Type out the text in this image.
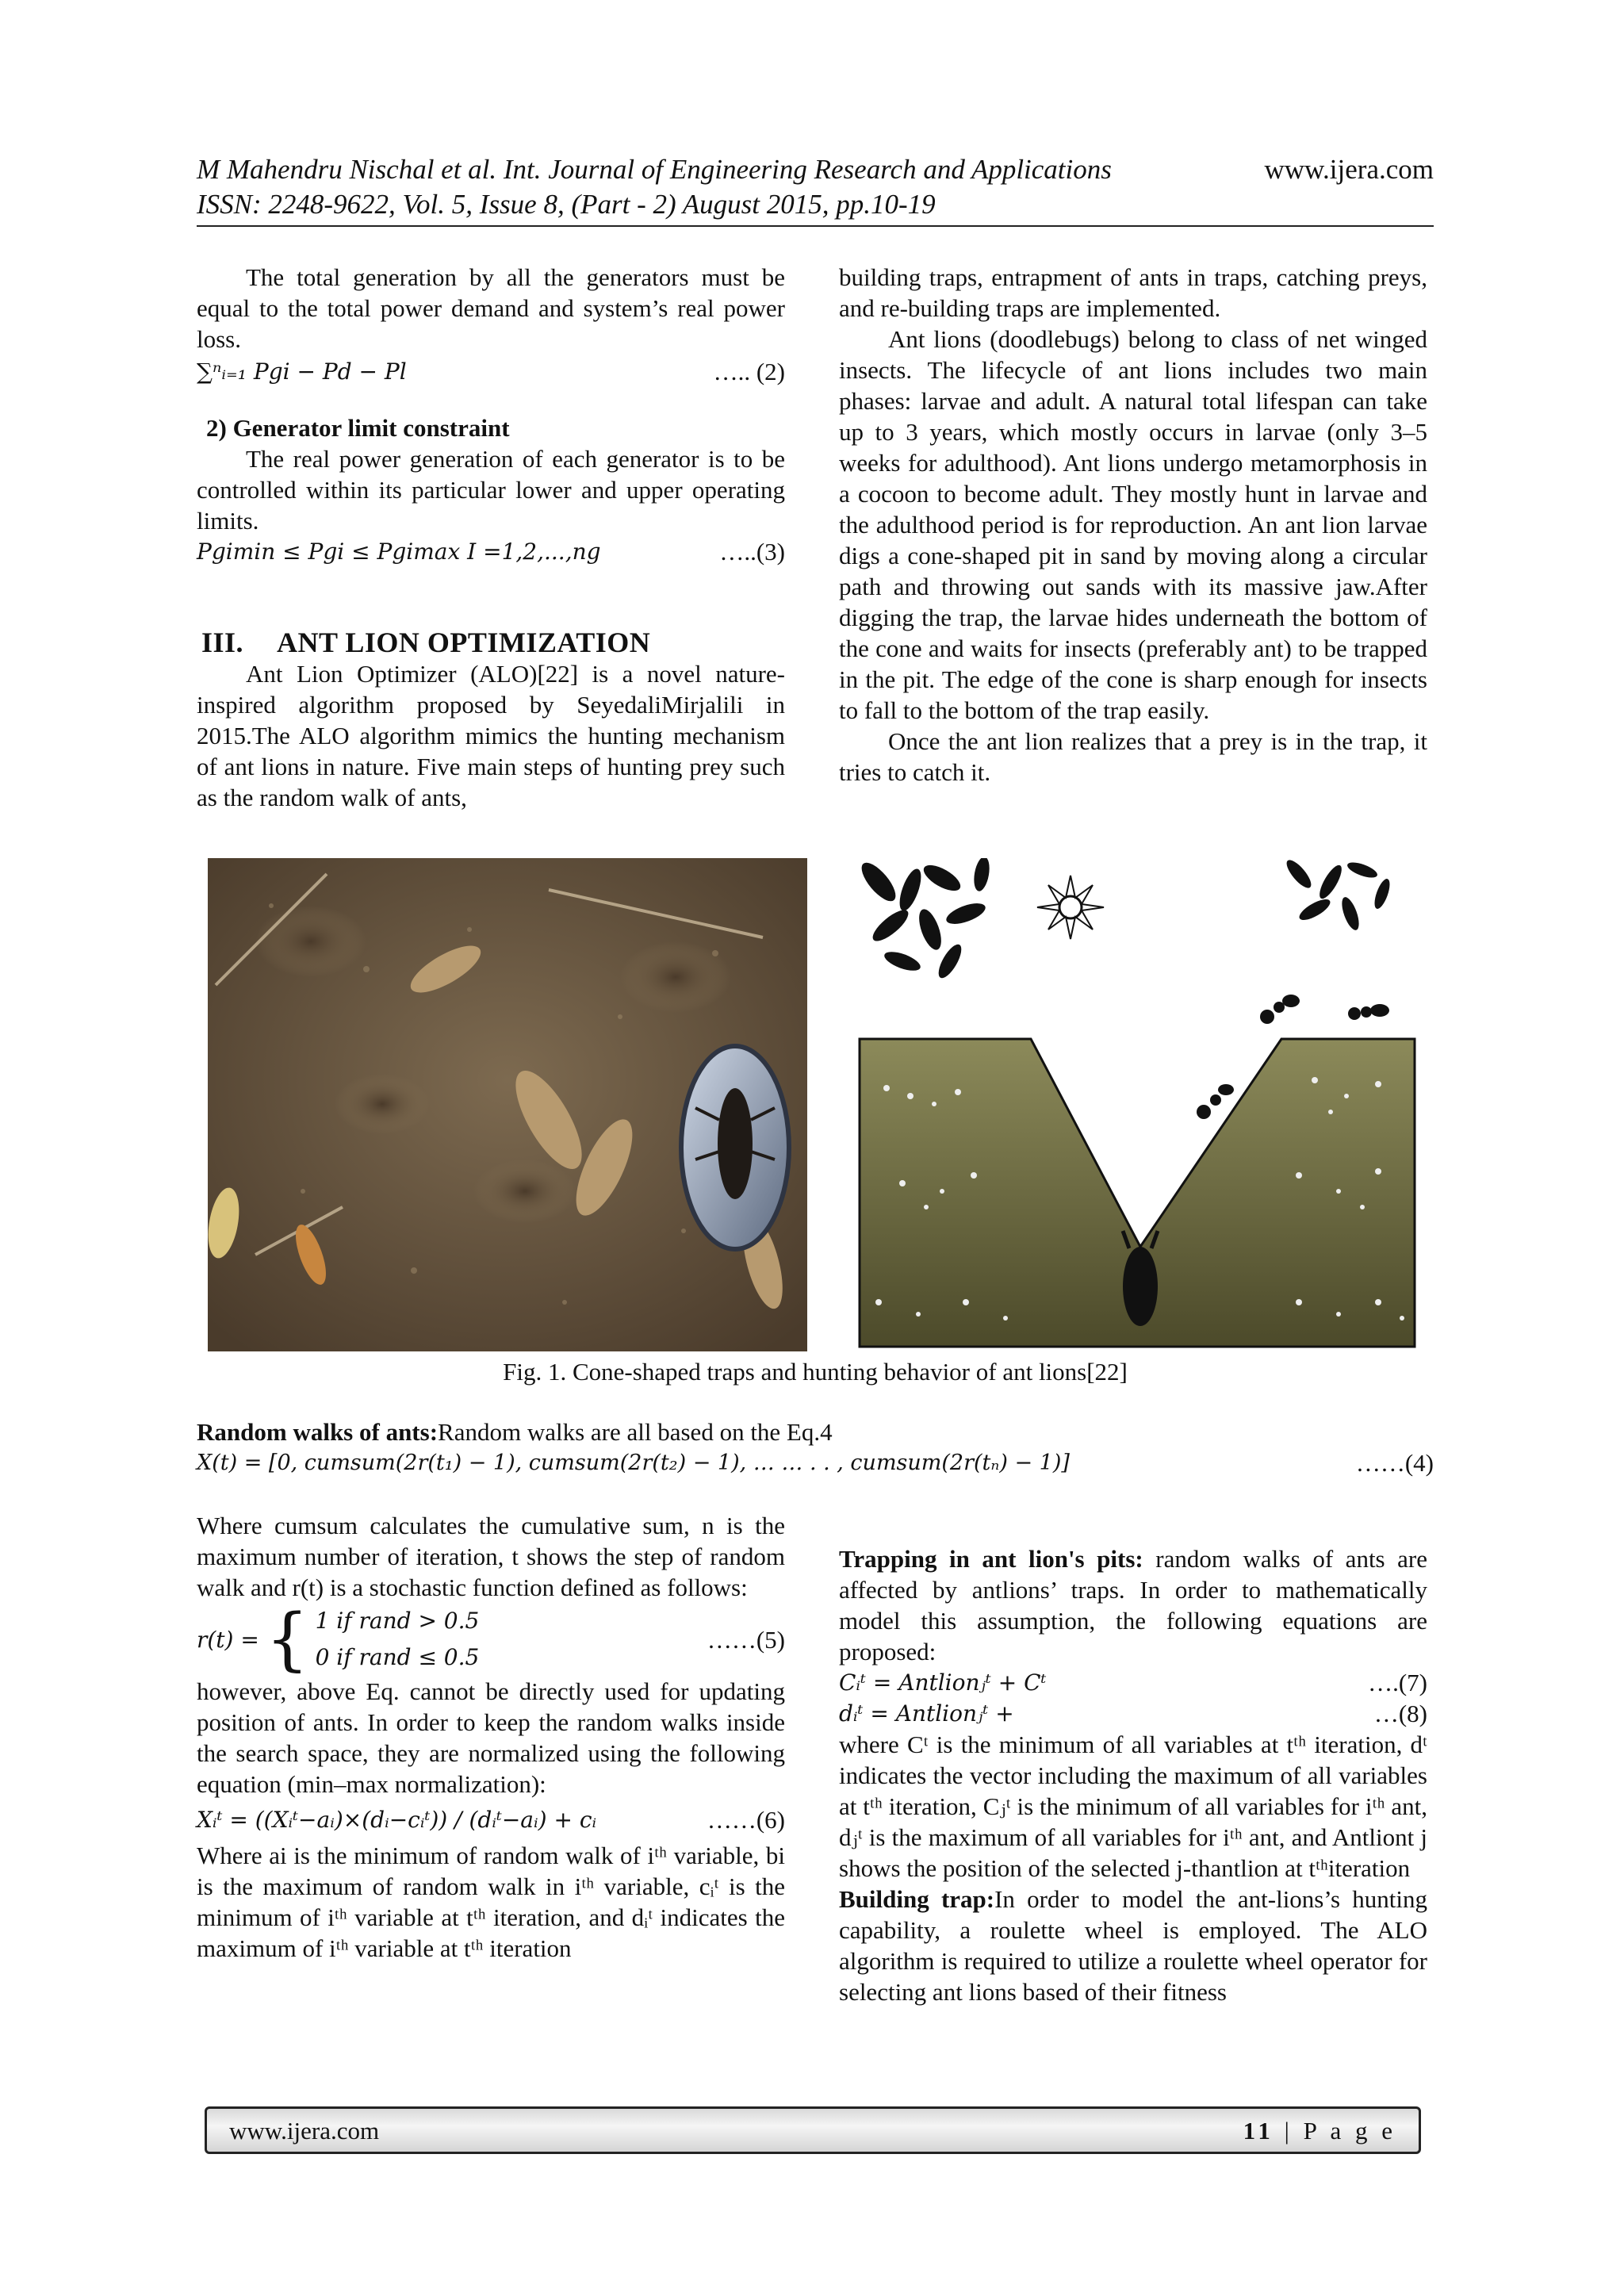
M Mahendru Nischal et al. Int. Journal of Engineering Research and Applications	www.ijera.com
ISSN: 2248-9622, Vol. 5, Issue 8, (Part - 2) August 2015, pp.10-19

The total generation by all the generators must be equal to the total power demand and system’s real power loss.

∑ⁿᵢ₌₁ Pgi − Pd − Pl	….. (2)

2) Generator limit constraint

The real power generation of each generator is to be controlled within its particular lower and upper operating limits.

Pgimin ≤ Pgi ≤ Pgimax I =1,2,...,ng	…..(3)
III. ANT LION OPTIMIZATION

Ant Lion Optimizer (ALO)[22] is a novel nature-inspired algorithm proposed by SeyedaliMirjalili in 2015.The ALO algorithm mimics the hunting mechanism of ant lions in nature. Five main steps of hunting prey such as the random walk of ants,

building traps, entrapment of ants in traps, catching preys, and re-building traps are implemented.

Ant lions (doodlebugs) belong to class of net winged insects. The lifecycle of ant lions includes two main phases: larvae and adult. A natural total lifespan can take up to 3 years, which mostly occurs in larvae (only 3–5 weeks for adulthood). Ant lions undergo metamorphosis in a cocoon to become adult. They mostly hunt in larvae and the adulthood period is for reproduction. An ant lion larvae digs a cone-shaped pit in sand by moving along a circular path and throwing out sands with its massive jaw.After digging the trap, the larvae hides underneath the bottom of the cone and waits for insects (preferably ant) to be trapped in the pit. The edge of the cone is sharp enough for insects to fall to the bottom of the trap easily.

Once the ant lion realizes that a prey is in the trap, it tries to catch it.

Fig. 1. Cone-shaped traps and hunting behavior of ant lions[22]

Random walks of ants:Random walks are all based on the Eq.4

X(t) = [0, cumsum(2r(t₁) − 1), cumsum(2r(t₂) − 1), … … . . , cumsum(2r(tₙ) − 1)]	……(4)

Where cumsum calculates the cumulative sum, n is the maximum number of iteration, t shows the step of random walk and r(t) is a stochastic function defined as follows:

r(t) = { 1 if rand > 0.5
0 if rand ≤ 0.5
……(5)

however, above Eq. cannot be directly used for updating position of ants. In order to keep the random walks inside the search space, they are normalized using the following equation (min–max normalization):

Xᵢᵗ = ((Xᵢᵗ−aᵢ)×(dᵢ−cᵢᵗ)) / (dᵢᵗ−aᵢ) + cᵢ	……(6)

Where ai is the minimum of random walk of iᵗʰ variable, bi is the maximum of random walk in iᵗʰ variable, cᵢᵗ is the minimum of iᵗʰ variable at tᵗʰ iteration, and dᵢᵗ indicates the maximum of iᵗʰ variable at tᵗʰ iteration

Trapping in ant lion's pits: random walks of ants are affected by antlions’ traps. In order to mathematically model this assumption, the following equations are proposed:

Cᵢᵗ = Antlionⱼᵗ + Cᵗ	….(7)
dᵢᵗ = Antlionⱼᵗ +	…(8)

where Cᵗ is the minimum of all variables at tᵗʰ iteration, dᵗ indicates the vector including the maximum of all variables at tᵗʰ iteration, Cⱼᵗ is the minimum of all variables for iᵗʰ ant, dⱼᵗ is the maximum of all variables for iᵗʰ ant, and Antliont j shows the position of the selected j-thantlion at tᵗʰiteration

Building trap:In order to model the ant-lions’s hunting capability, a roulette wheel is employed. The ALO algorithm is required to utilize a roulette wheel operator for selecting ant lions based of their fitness

www.ijera.com	11 | P a g e
